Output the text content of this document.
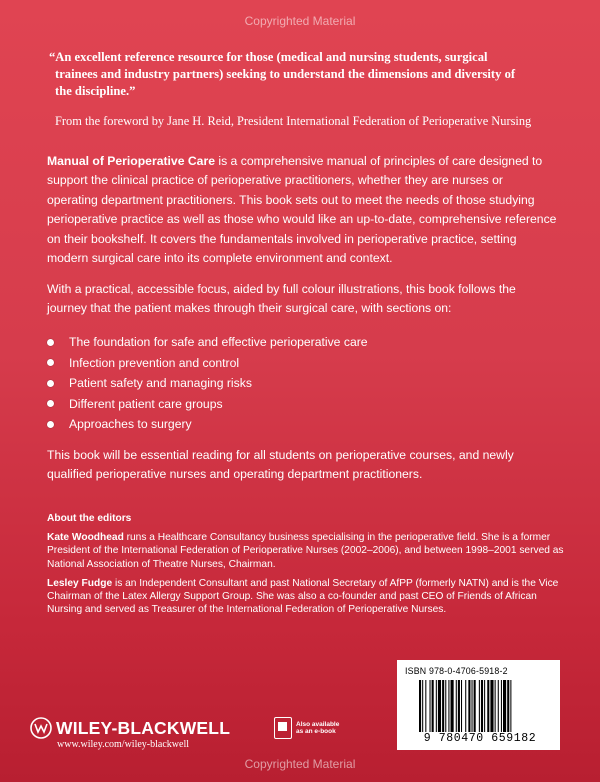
Copyrighted Material
“An excellent reference resource for those (medical and nursing students, surgical

trainees and industry partners) seeking to understand the dimensions and diversity of
the discipline.”
From the foreword by Jane H. Reid, President International Federation of Perioperative Nursing
Manual of Perioperative Care is a comprehensive manual of principles of care designed to support the clinical practice of perioperative practitioners, whether they are nurses or operating department practitioners. This book sets out to meet the needs of those studying perioperative practice as well as those who would like an up-to-date, comprehensive reference on their bookshelf. It covers the fundamentals involved in perioperative practice, setting modern surgical care into its complete environment and context.
With a practical, accessible focus, aided by full colour illustrations, this book follows the journey that the patient makes through their surgical care, with sections on:
The foundation for safe and effective perioperative care
Infection prevention and control
Patient safety and managing risks
Different patient care groups
Approaches to surgery
This book will be essential reading for all students on perioperative courses, and newly qualified perioperative nurses and operating department practitioners.
About the editors

Kate Woodhead runs a Healthcare Consultancy business specialising in the perioperative field. She is a former President of the International Federation of Perioperative Nurses (2002–2006), and between 1998–2001 served as National Association of Theatre Nurses, Chairman.

Lesley Fudge is an Independent Consultant and past National Secretary of AfPP (formerly NATN) and is the Vice Chairman of the Latex Allergy Support Group. She was also a co-founder and past CEO of Friends of African Nursing and served as Treasurer of the International Federation of Perioperative Nurses.

ISBN 978-0-4706-5918-2
9 780470 659182
WILEY-BLACKWELL
www.wiley.com/wiley-blackwell
Also available
as an e-book
Copyrighted Material
